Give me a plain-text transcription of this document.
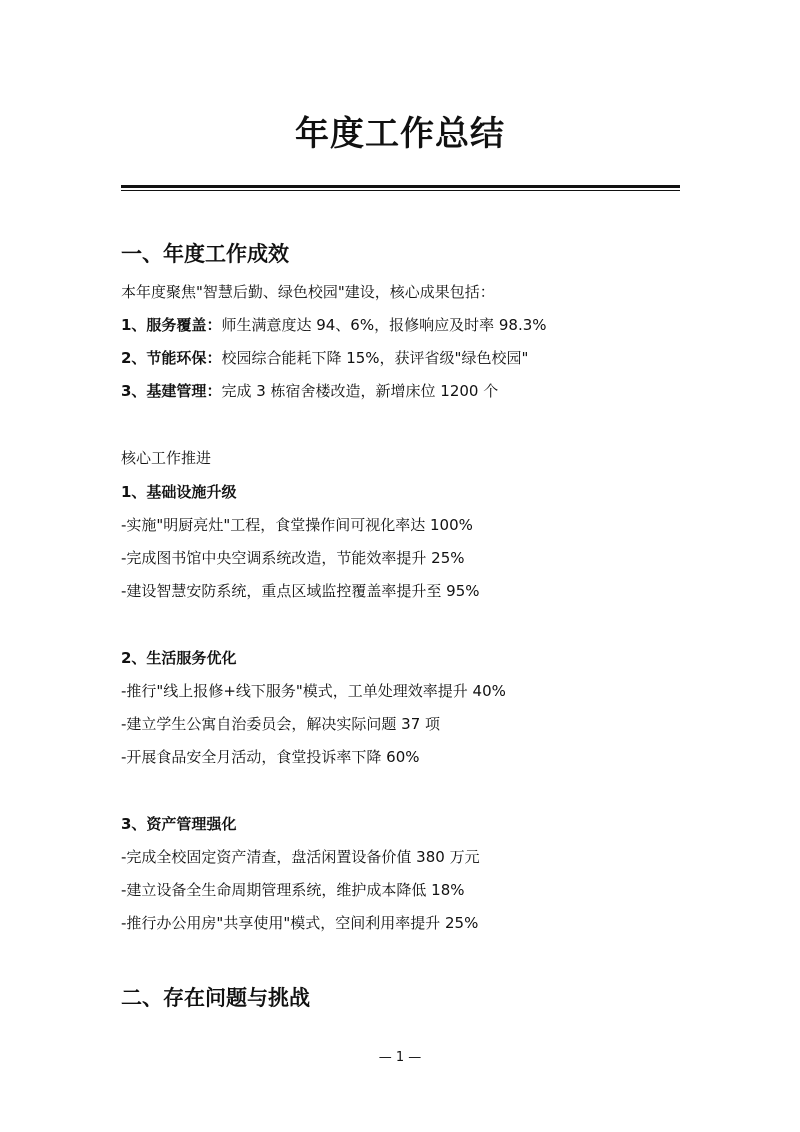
年度工作总结
一、年度工作成效
本年度聚焦"智慧后勤、绿色校园"建设，核心成果包括：
1、服务覆盖：师生满意度达 94、6%，报修响应及时率 98.3%
2、节能环保：校园综合能耗下降 15%，获评省级"绿色校园"
3、基建管理：完成 3 栋宿舍楼改造，新增床位 1200 个
核心工作推进
1、基础设施升级
-实施"明厨亮灶"工程，食堂操作间可视化率达 100%
-完成图书馆中央空调系统改造，节能效率提升 25%
-建设智慧安防系统，重点区域监控覆盖率提升至 95%
2、生活服务优化
-推行"线上报修+线下服务"模式，工单处理效率提升 40%
-建立学生公寓自治委员会，解决实际问题 37 项
-开展食品安全月活动，食堂投诉率下降 60%
3、资产管理强化
-完成全校固定资产清查，盘活闲置设备价值 380 万元
-建立设备全生命周期管理系统，维护成本降低 18%
-推行办公用房"共享使用"模式，空间利用率提升 25%
二、存在问题与挑战
— 1 —
